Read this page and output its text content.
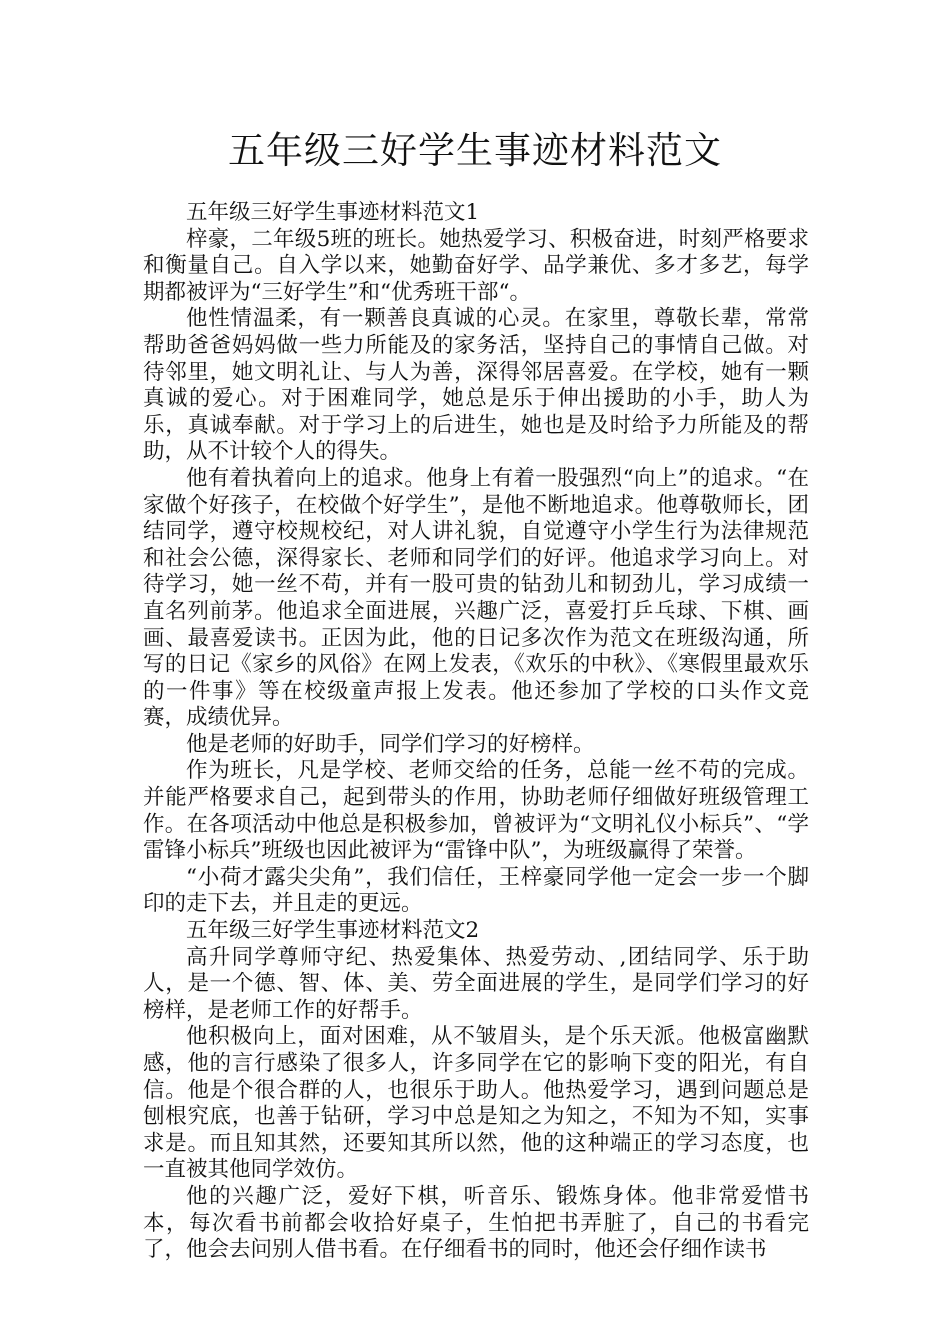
五年级三好学生事迹材料范文

五年级三好学生事迹材料范文1

梓豪，二年级5班的班长。她热爱学习、积极奋进，时刻严格要求和衡量自己。自入学以来，她勤奋好学、品学兼优、多才多艺，每学期都被评为“三好学生”和“优秀班干部“。

他性情温柔，有一颗善良真诚的心灵。在家里，尊敬长辈，常常帮助爸爸妈妈做一些力所能及的家务活，坚持自己的事情自己做。对待邻里，她文明礼让、与人为善，深得邻居喜爱。在学校，她有一颗真诚的爱心。对于困难同学，她总是乐于伸出援助的小手，助人为乐，真诚奉献。对于学习上的后进生，她也是及时给予力所能及的帮助，从不计较个人的得失。

他有着执着向上的追求。他身上有着一股强烈“向上”的追求。“在家做个好孩子，在校做个好学生”，是他不断地追求。他尊敬师长，团结同学，遵守校规校纪，对人讲礼貌，自觉遵守小学生行为法律规范和社会公德，深得家长、老师和同学们的好评。他追求学习向上。对待学习，她一丝不苟，并有一股可贵的钻劲儿和韧劲儿，学习成绩一直名列前茅。他追求全面进展，兴趣广泛，喜爱打乒乓球、下棋、画画、最喜爱读书。正因为此，他的日记多次作为范文在班级沟通，所写的日记《家乡的风俗》在网上发表，《欢乐的中秋》、《寒假里最欢乐的一件事》等在校级童声报上发表。他还参加了学校的口头作文竞赛，成绩优异。

他是老师的好助手，同学们学习的好榜样。

作为班长，凡是学校、老师交给的任务，总能一丝不苟的完成。并能严格要求自己，起到带头的作用，协助老师仔细做好班级管理工作。在各项活动中他总是积极参加，曾被评为“文明礼仪小标兵”、“学雷锋小标兵”班级也因此被评为“雷锋中队”，为班级赢得了荣誉。

“小荷才露尖尖角”，我们信任，王梓豪同学他一定会一步一个脚印的走下去，并且走的更远。

五年级三好学生事迹材料范文2

高升同学尊师守纪、热爱集体、热爱劳动、,团结同学、乐于助人，是一个德、智、体、美、劳全面进展的学生，是同学们学习的好榜样，是老师工作的好帮手。

他积极向上，面对困难，从不皱眉头，是个乐天派。他极富幽默感，他的言行感染了很多人，许多同学在它的影响下变的阳光，有自信。他是个很合群的人，也很乐于助人。他热爱学习，遇到问题总是刨根究底，也善于钻研，学习中总是知之为知之，不知为不知，实事求是。而且知其然，还要知其所以然，他的这种端正的学习态度，也一直被其他同学效仿。

他的兴趣广泛，爱好下棋，听音乐、锻炼身体。他非常爱惜书本，每次看书前都会收拾好桌子，生怕把书弄脏了，自己的书看完了，他会去问别人借书看。在仔细看书的同时，他还会仔细作读书
